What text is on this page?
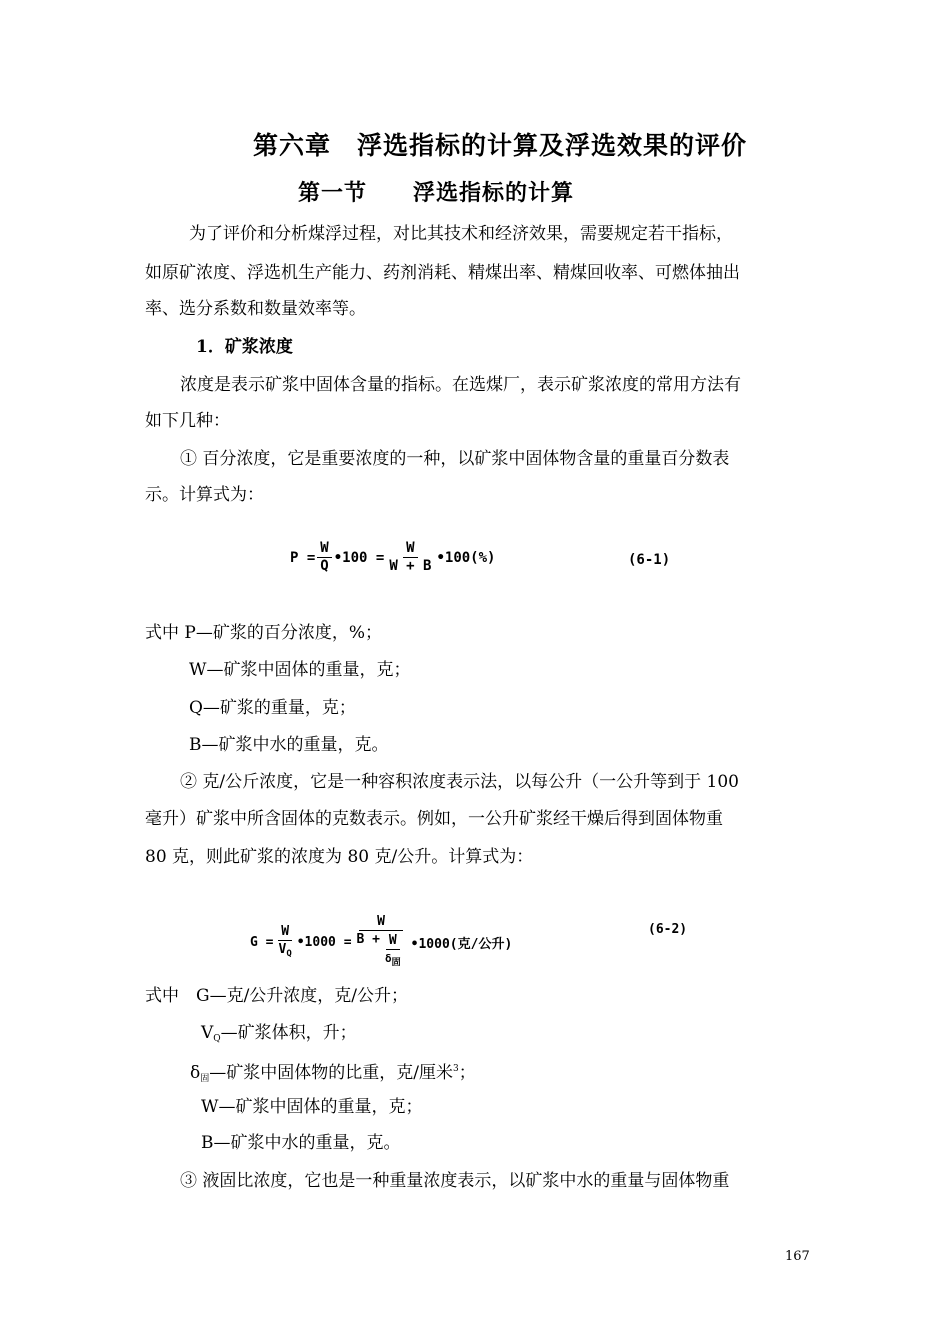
第六章　浮选指标的计算及浮选效果的评价
第一节　　浮选指标的计算
为了评价和分析煤浮过程，对比其技术和经济效果，需要规定若干指标，
如原矿浓度、浮选机生产能力、药剂消耗、精煤出率、精煤回收率、可燃体抽出
率、选分系数和数量效率等。
1．矿浆浓度
浓度是表示矿浆中固体含量的指标。在选煤厂，表示矿浆浓度的常用方法有
如下几种：
① 百分浓度，它是重要浓度的一种，以矿浆中固体物含量的重量百分数表
示。计算式为：
$P = \frac{W}{Q}$ •100 = $\frac{W}{W + B}$ •100(%)	(6-1)
式中 P—矿浆的百分浓度，%；
W—矿浆中固体的重量，克；
Q—矿浆的重量，克；
B—矿浆中水的重量，克。
② 克/公斤浓度，它是一种容积浓度表示法，以每公升（一公升等到于 100
毫升）矿浆中所含固体的克数表示。例如，一公升矿浆经干燥后得到固体物重
80 克，则此矿浆的浓度为 80 克/公升。计算式为：
$G = \frac{W}{V_Q}$ •1000 = $\frac{W}{B + \frac{W}{\delta_固}}$ •1000(克/公升)
(6-2)
式中　G—克/公升浓度，克/公升；
$V_Q—$矿浆体积，升；
$\delta_固—$矿浆中固体物的比重，克/厘米$^3$；
W—矿浆中固体的重量，克；
B—矿浆中水的重量，克。
③ 液固比浓度，它也是一种重量浓度表示，以矿浆中水的重量与固体物重
167
